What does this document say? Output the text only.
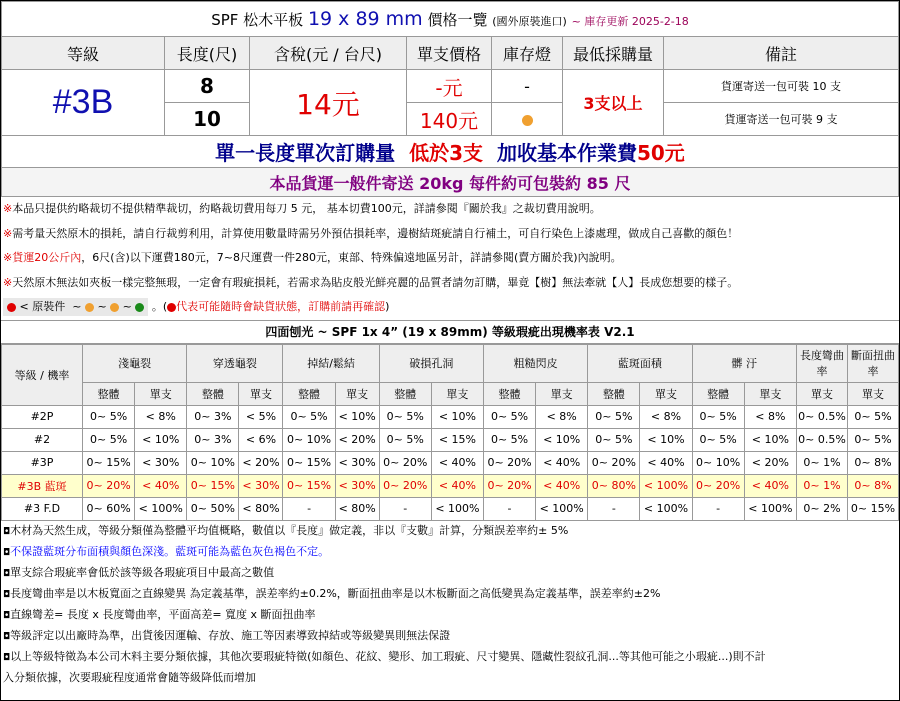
SPF 松木平板 19 x 89 mm 價格一覽 (國外原裝進口) ~ 庫存更新 2025-2-18						
等級	長度(尺)	含稅(元 / 台尺)	單支價格	庫存燈	最低採購量	備註
#3B	8	14元	-元	-	3支以上	貨運寄送一包可裝 10 支
	10		140元			貨運寄送一包可裝 9 支
單一長度單次訂購量 低於3支 加收基本作業費50元						
本品貨運一般件寄送 20kg 每件約可包裝約 85 尺						
※本品只提供約略裁切不提供精準裁切，約略裁切費用每刀 5 元， 基本切費100元，詳請參閱『關於我』之裁切費用說明。
※需考量天然原木的損耗，請自行裁剪利用，計算使用數量時需另外預估損耗率，邊樹結斑疵請自行補土，可自行染色上漆處理，做成自己喜歡的顏色！
※貨運20公斤內，6尺(含)以下運費180元，7~8尺運費一件280元，東部、特殊偏遠地區另計，詳請參閱(賣方關於我)內說明。
※天然原木無法如夾板一樣完整無瑕，一定會有瑕疵損耗，若需求為貼皮般光鮮亮麗的品質者請勿訂購，畢竟【樹】無法牽就【人】長成您想要的樣子。
< 原裝件 ~ ~ ~  。( 代表可能隨時會缺貨狀態，訂購前請再確認)
四面刨光 ~ SPF 1x 4” (19 x 89mm) 等級瑕疵出現機率表 V2.1
等級 / 機率	淺龜裂		穿透龜裂		掉結/鬆結		破損孔洞		粗糙閃皮		藍斑面積		髒 汙		長度彎曲率	斷面扭曲率
	整體	單支	整體	單支	整體	單支	整體	單支	整體	單支	整體	單支	整體	單支	單支	單支
#2P	0~ 5%	< 8%	0~ 3%	< 5%	0~ 5%	< 10%	0~ 5%	< 10%	0~ 5%	< 8%	0~ 5%	< 8%	0~ 5%	< 8%	0~ 0.5%	0~ 5%
#2	0~ 5%	< 10%	0~ 3%	< 6%	0~ 10%	< 20%	0~ 5%	< 15%	0~ 5%	< 10%	0~ 5%	< 10%	0~ 5%	< 10%	0~ 0.5%	0~ 5%
#3P	0~ 15%	< 30%	0~ 10%	< 20%	0~ 15%	< 30%	0~ 20%	< 40%	0~ 20%	< 40%	0~ 20%	< 40%	0~ 10%	< 20%	0~ 1%	0~ 8%
#3B 藍斑	0~ 20%	< 40%	0~ 15%	< 30%	0~ 15%	< 30%	0~ 20%	< 40%	0~ 20%	< 40%	0~ 80%	< 100%	0~ 20%	< 40%	0~ 1%	0~ 8%
#3 F.D	0~ 60%	< 100%	0~ 50%	< 80%	-	< 80%	-	< 100%	-	< 100%	-	< 100%	-	< 100%	0~ 2%	0~ 15%
◘木材為天然生成，等級分類僅為整體平均值概略，數值以『長度』做定義，非以『支數』計算，分類誤差率約± 5%
◘不保證藍斑分布面積與顏色深淺。藍斑可能為藍色灰色褐色不定。
◘單支綜合瑕疵率會低於該等級各瑕疵項目中最高之數值
◘長度彎曲率是以木板寬面之直線變異 為定義基準，誤差率約±0.2%，斷面扭曲率是以木板斷面之高低變異為定義基準，誤差率約±2%
◘直線彎差= 長度 x 長度彎曲率，平面高差= 寬度 x 斷面扭曲率
◘等級評定以出廠時為準，出貨後因運輸、存放、施工等因素導致掉結或等級變異則無法保證
◘以上等級特徵為本公司木料主要分類依據，其他次要瑕疵特徵(如顏色、花紋、變形、加工瑕疵、尺寸變異、隱藏性裂紋孔洞...等其他可能之小瑕疵...)則不計
入分類依據，次要瑕疵程度通常會隨等級降低而增加
